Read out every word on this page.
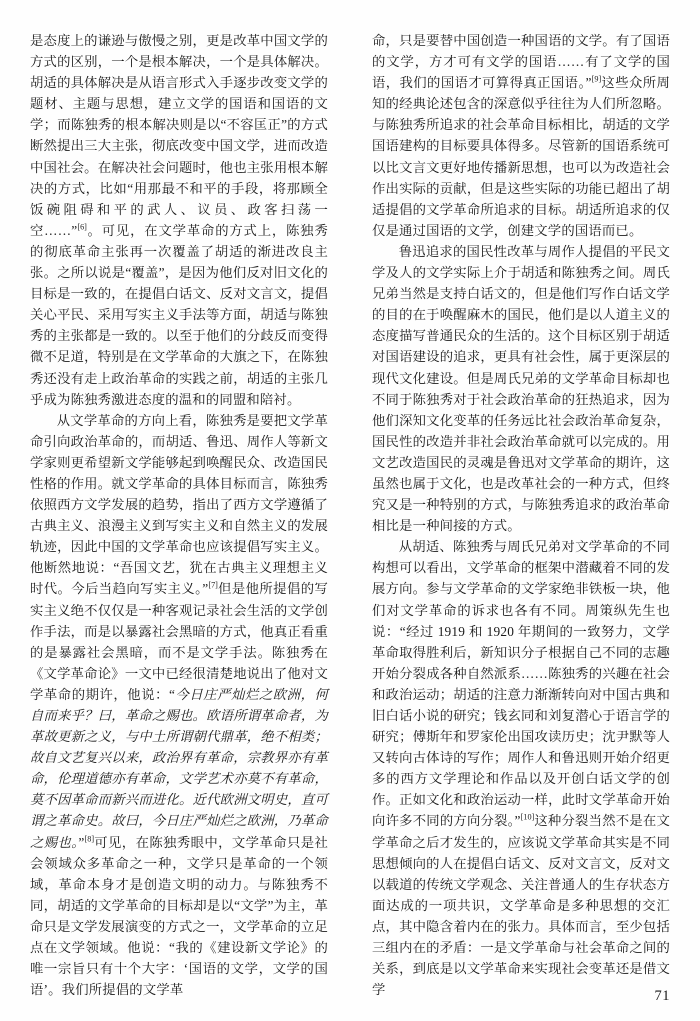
是态度上的谦逊与傲慢之别，更是改革中国文学的方式的区别，一个是根本解决，一个是具体解决。胡适的具体解决是从语言形式入手逐步改变文学的题材、主题与思想，建立文学的国语和国语的文学；而陈独秀的根本解决则是以“不容匡正”的方式断然提出三大主张，彻底改变中国文学，进而改造中国社会。在解决社会问题时，他也主张用根本解决的方式，比如“用那最不和平的手段，将那顾全饭碗阻碍和平的武人、议员、政客扫荡一空……”[6]。可见，在文学革命的方式上，陈独秀的彻底革命主张再一次覆盖了胡适的渐进改良主张。之所以说是“覆盖”，是因为他们反对旧文化的目标是一致的，在提倡白话文、反对文言文，提倡关心平民、采用写实主义手法等方面，胡适与陈独秀的主张都是一致的。以至于他们的分歧反而变得微不足道，特别是在文学革命的大旗之下，在陈独秀还没有走上政治革命的实践之前，胡适的主张几乎成为陈独秀激进态度的温和的同盟和陪衬。

从文学革命的方向上看，陈独秀是要把文学革命引向政治革命的，而胡适、鲁迅、周作人等新文学家则更希望新文学能够起到唤醒民众、改造国民性格的作用。就文学革命的具体目标而言，陈独秀依照西方文学发展的趋势，指出了西方文学遵循了古典主义、浪漫主义到写实主义和自然主义的发展轨迹，因此中国的文学革命也应该提倡写实主义。他断然地说：“吾国文艺，犹在古典主义理想主义时代。今后当趋向写实主义。”[7]但是他所提倡的写实主义绝不仅仅是一种客观记录社会生活的文学创作手法，而是以暴露社会黑暗的方式，他真正看重的是暴露社会黑暗，而不是文学手法。陈独秀在《文学革命论》一文中已经很清楚地说出了他对文学革命的期许，他说：“今日庄严灿烂之欧洲，何自而来乎？曰，革命之赐也。欧语所谓革命者，为革故更新之义，与中土所谓朝代鼎革，绝不相类；故自文艺复兴以来，政治界有革命，宗教界亦有革命，伦理道德亦有革命，文学艺术亦莫不有革命，莫不因革命而新兴而进化。近代欧洲文明史，直可谓之革命史。故曰，今日庄严灿烂之欧洲，乃革命之赐也。”[8]可见，在陈独秀眼中，文学革命只是社会领域众多革命之一种，文学只是革命的一个领域，革命本身才是创造文明的动力。与陈独秀不同，胡适的文学革命的目标却是以“文学”为主，革命只是文学发展演变的方式之一，文学革命的立足点在文学领域。他说：“我的《建设新文学论》的唯一宗旨只有十个大字：‘国语的文学，文学的国语’。我们所提倡的文学革

命，只是要替中国创造一种国语的文学。有了国语的文学，方才可有文学的国语……有了文学的国语，我们的国语才可算得真正国语。”[9]这些众所周知的经典论述包含的深意似乎往往为人们所忽略。与陈独秀所追求的社会革命目标相比，胡适的文学国语建构的目标要具体得多。尽管新的国语系统可以比文言文更好地传播新思想，也可以为改造社会作出实际的贡献，但是这些实际的功能已超出了胡适提倡的文学革命所追求的目标。胡适所追求的仅仅是通过国语的文学，创建文学的国语而已。

鲁迅追求的国民性改革与周作人提倡的平民文学及人的文学实际上介于胡适和陈独秀之间。周氏兄弟当然是支持白话文的，但是他们写作白话文学的目的在于唤醒麻木的国民，他们是以人道主义的态度描写普通民众的生活的。这个目标区别于胡适对国语建设的追求，更具有社会性，属于更深层的现代文化建设。但是周氏兄弟的文学革命目标却也不同于陈独秀对于社会政治革命的狂热追求，因为他们深知文化变革的任务远比社会政治革命复杂，国民性的改造并非社会政治革命就可以完成的。用文艺改造国民的灵魂是鲁迅对文学革命的期许，这虽然也属于文化，也是改革社会的一种方式，但终究又是一种特别的方式，与陈独秀追求的政治革命相比是一种间接的方式。

从胡适、陈独秀与周氏兄弟对文学革命的不同构想可以看出，文学革命的框架中潜藏着不同的发展方向。参与文学革命的文学家绝非铁板一块，他们对文学革命的诉求也各有不同。周策纵先生也说：“经过 1919 和 1920 年期间的一致努力，文学革命取得胜利后，新知识分子根据自己不同的志趣开始分裂成各种自然派系……陈独秀的兴趣在社会和政治运动；胡适的注意力渐渐转向对中国古典和旧白话小说的研究；钱玄同和刘复潜心于语言学的研究；傅斯年和罗家伦出国攻读历史；沈尹默等人又转向古体诗的写作；周作人和鲁迅则开始介绍更多的西方文学理论和作品以及开创白话文学的创作。正如文化和政治运动一样，此时文学革命开始向许多不同的方向分裂。”[10]这种分裂当然不是在文学革命之后才发生的，应该说文学革命其实是不同思想倾向的人在提倡白话文、反对文言文，反对文以载道的传统文学观念、关注普通人的生存状态方面达成的一项共识，文学革命是多种思想的交汇点，其中隐含着内在的张力。具体而言，至少包括三组内在的矛盾：一是文学革命与社会革命之间的关系，到底是以文学革命来实现社会变革还是借文学	71
